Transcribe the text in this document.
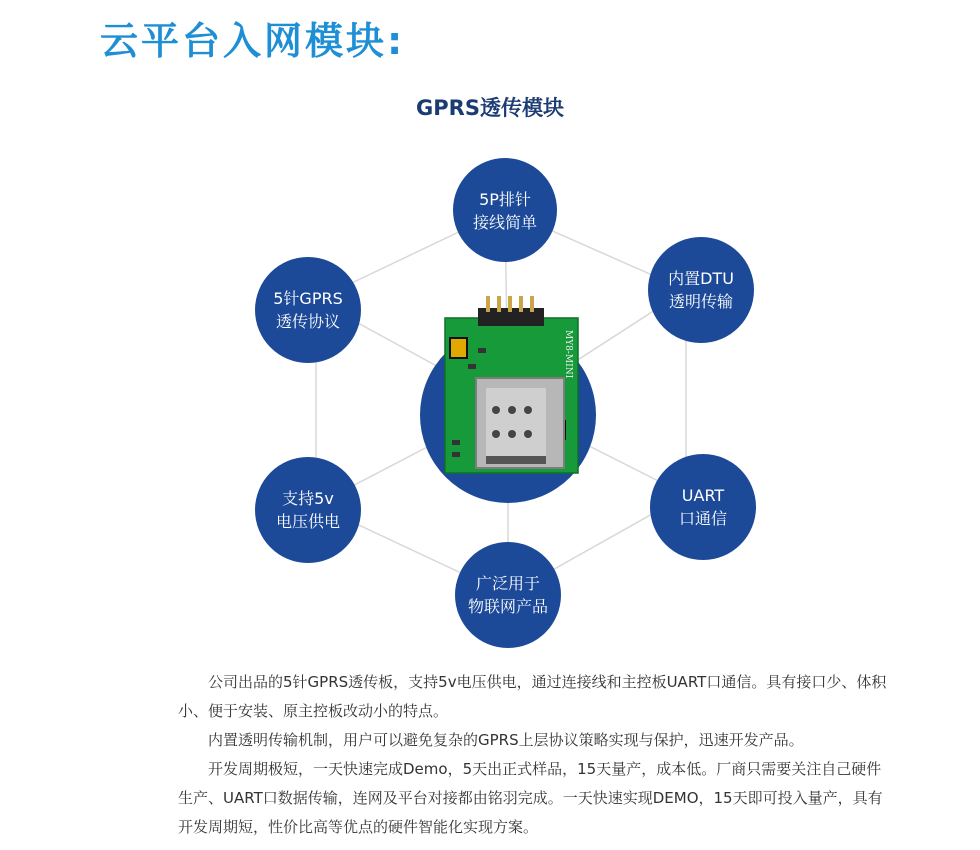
云平台入网模块:
GPRS透传模块
MY8-MINI
5P排针
接线简单
内置DTU
透明传输
UART
口通信
广泛用于
物联网产品
支持5v
电压供电
5针GPRS
透传协议

公司出品的5针GPRS透传板，支持5v电压供电，通过连接线和主控板UART口通信。具有接口少、体积小、便于安装、原主控板改动小的特点。

内置透明传输机制，用户可以避免复杂的GPRS上层协议策略实现与保护，迅速开发产品。

开发周期极短，一天快速完成Demo，5天出正式样品，15天量产，成本低。厂商只需要关注自己硬件生产、UART口数据传输，连网及平台对接都由铭羽完成。一天快速实现DEMO，15天即可投入量产，具有开发周期短，性价比高等优点的硬件智能化实现方案。
